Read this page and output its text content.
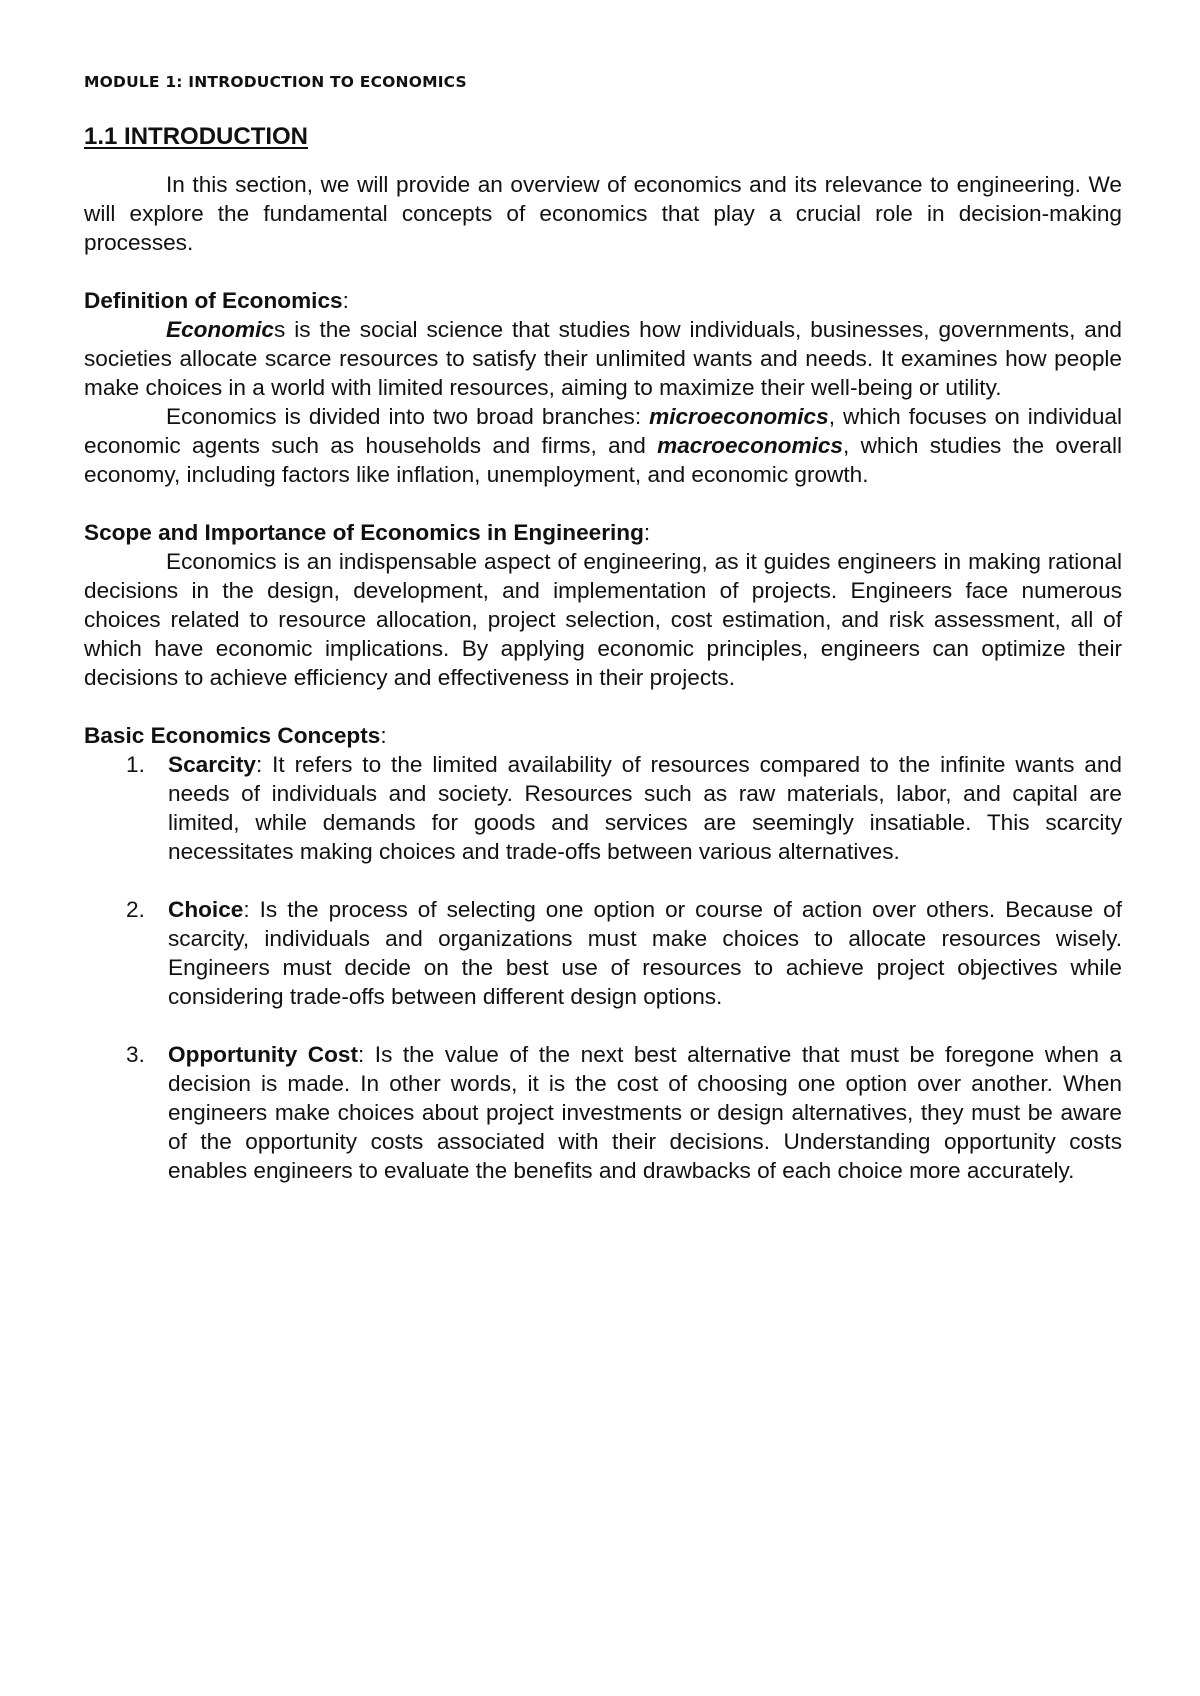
MODULE 1: INTRODUCTION TO ECONOMICS
1.1 INTRODUCTION

In this section, we will provide an overview of economics and its relevance to engineering. We will explore the fundamental concepts of economics that play a crucial role in decision-making processes.

Definition of Economics:

Economics is the social science that studies how individuals, businesses, governments, and societies allocate scarce resources to satisfy their unlimited wants and needs. It examines how people make choices in a world with limited resources, aiming to maximize their well-being or utility.

Economics is divided into two broad branches: microeconomics, which focuses on individual economic agents such as households and firms, and macroeconomics, which studies the overall economy, including factors like inflation, unemployment, and economic growth.

Scope and Importance of Economics in Engineering:

Economics is an indispensable aspect of engineering, as it guides engineers in making rational decisions in the design, development, and implementation of projects. Engineers face numerous choices related to resource allocation, project selection, cost estimation, and risk assessment, all of which have economic implications. By applying economic principles, engineers can optimize their decisions to achieve efficiency and effectiveness in their projects.

Basic Economics Concepts:
1. Scarcity: It refers to the limited availability of resources compared to the infinite wants and needs of individuals and society. Resources such as raw materials, labor, and capital are limited, while demands for goods and services are seemingly insatiable. This scarcity necessitates making choices and trade-offs between various alternatives.
2. Choice: Is the process of selecting one option or course of action over others. Because of scarcity, individuals and organizations must make choices to allocate resources wisely. Engineers must decide on the best use of resources to achieve project objectives while considering trade-offs between different design options.
3. Opportunity Cost: Is the value of the next best alternative that must be foregone when a decision is made. In other words, it is the cost of choosing one option over another. When engineers make choices about project investments or design alternatives, they must be aware of the opportunity costs associated with their decisions. Understanding opportunity costs enables engineers to evaluate the benefits and drawbacks of each choice more accurately.
